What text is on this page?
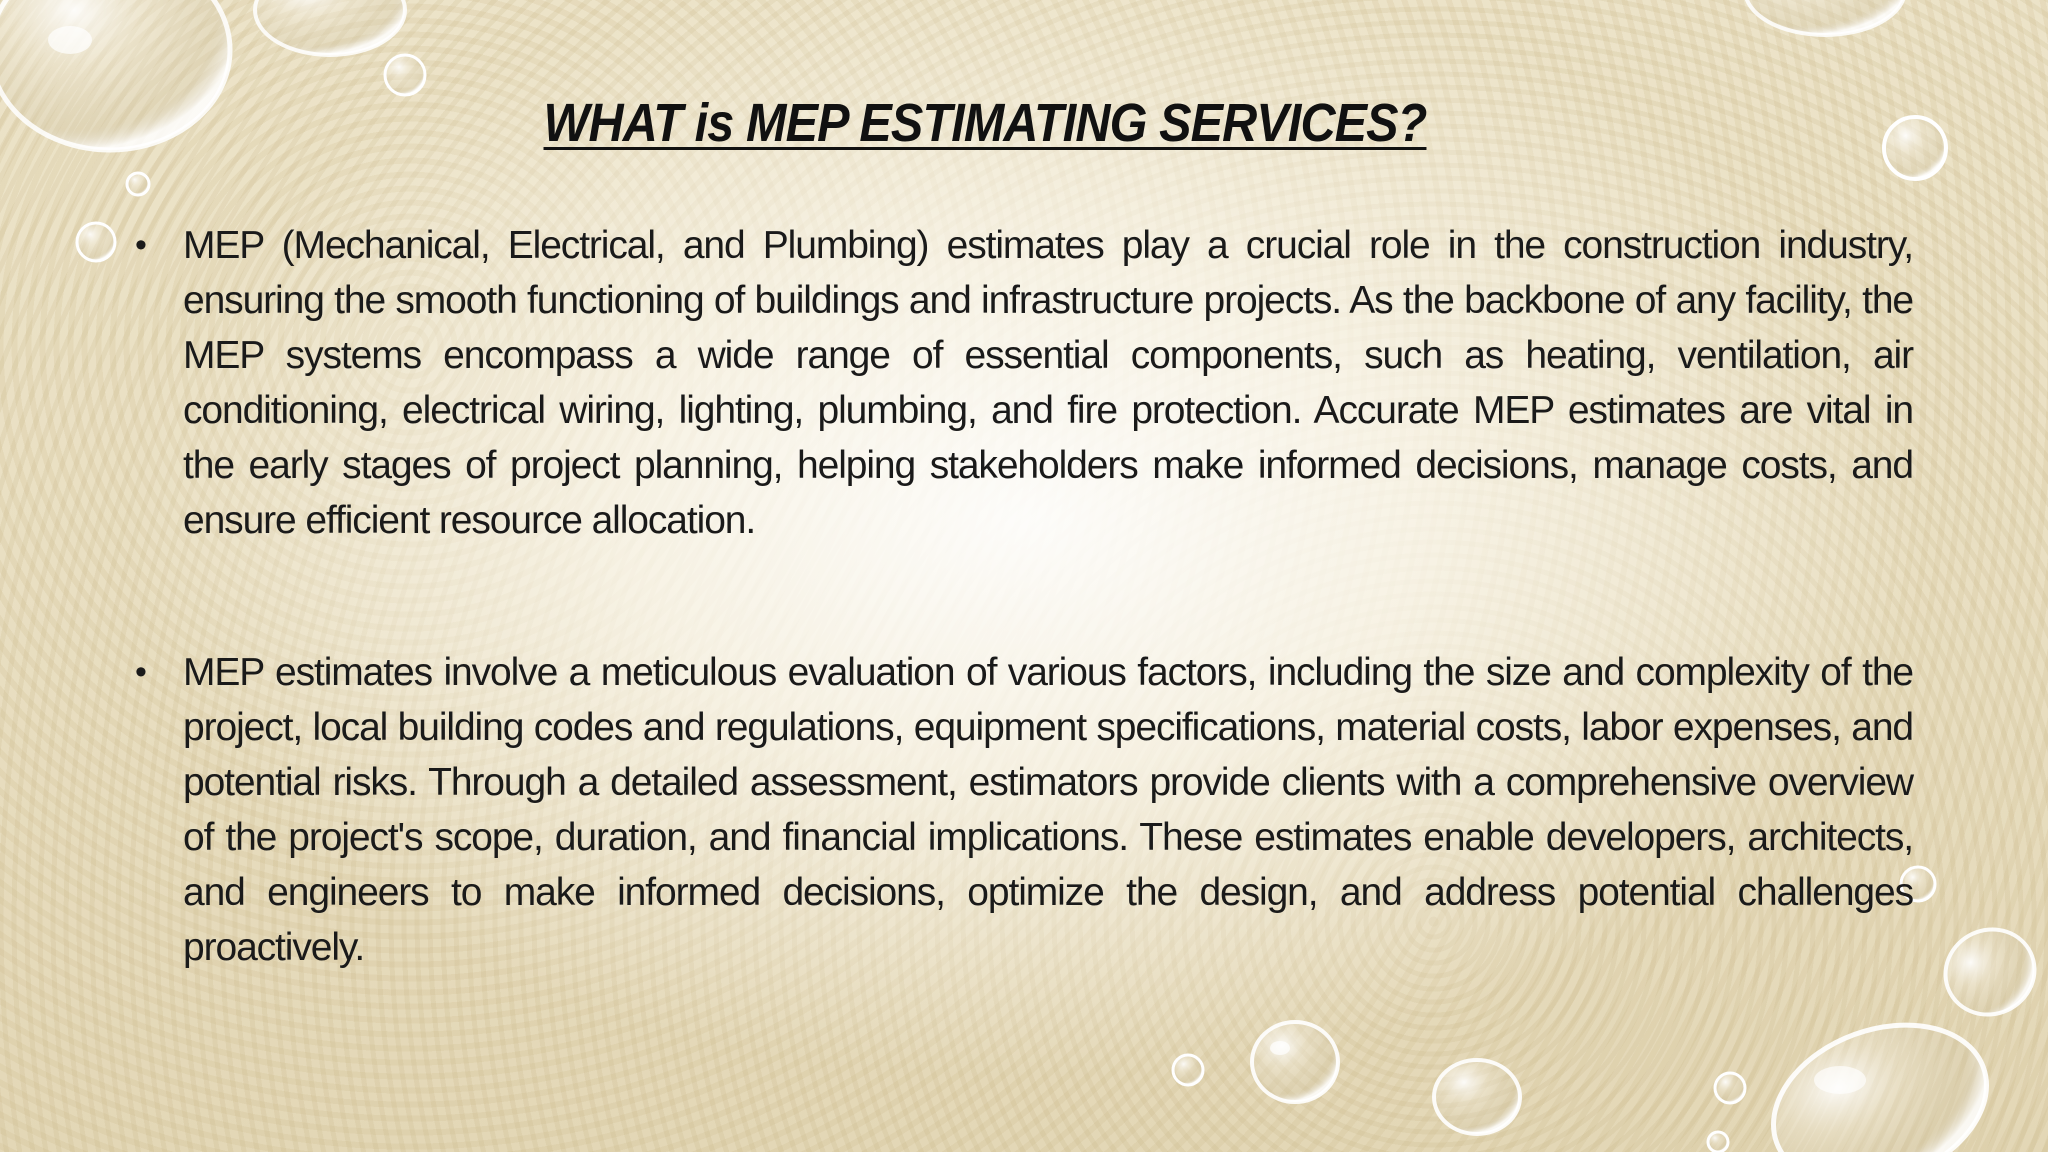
WHAT is MEP ESTIMATING SERVICES?
• MEP (Mechanical, Electrical, and Plumbing) estimates play a crucial role in the construction industry, ensuring the smooth functioning of buildings and infrastructure projects. As the backbone of any facility, the MEP systems encompass a wide range of essential components, such as heating, ventilation, air conditioning, electrical wiring, lighting, plumbing, and fire protection. Accurate MEP estimates are vital in the early stages of project planning, helping stakeholders make informed decisions, manage costs, and ensure efficient resource allocation.
• MEP estimates involve a meticulous evaluation of various factors, including the size and complexity of the project, local building codes and regulations, equipment specifications, material costs, labor expenses, and potential risks. Through a detailed assessment, estimators provide clients with a comprehensive overview of the project's scope, duration, and financial implications. These estimates enable developers, architects, and engineers to make informed decisions, optimize the design, and address potential challenges proactively.
